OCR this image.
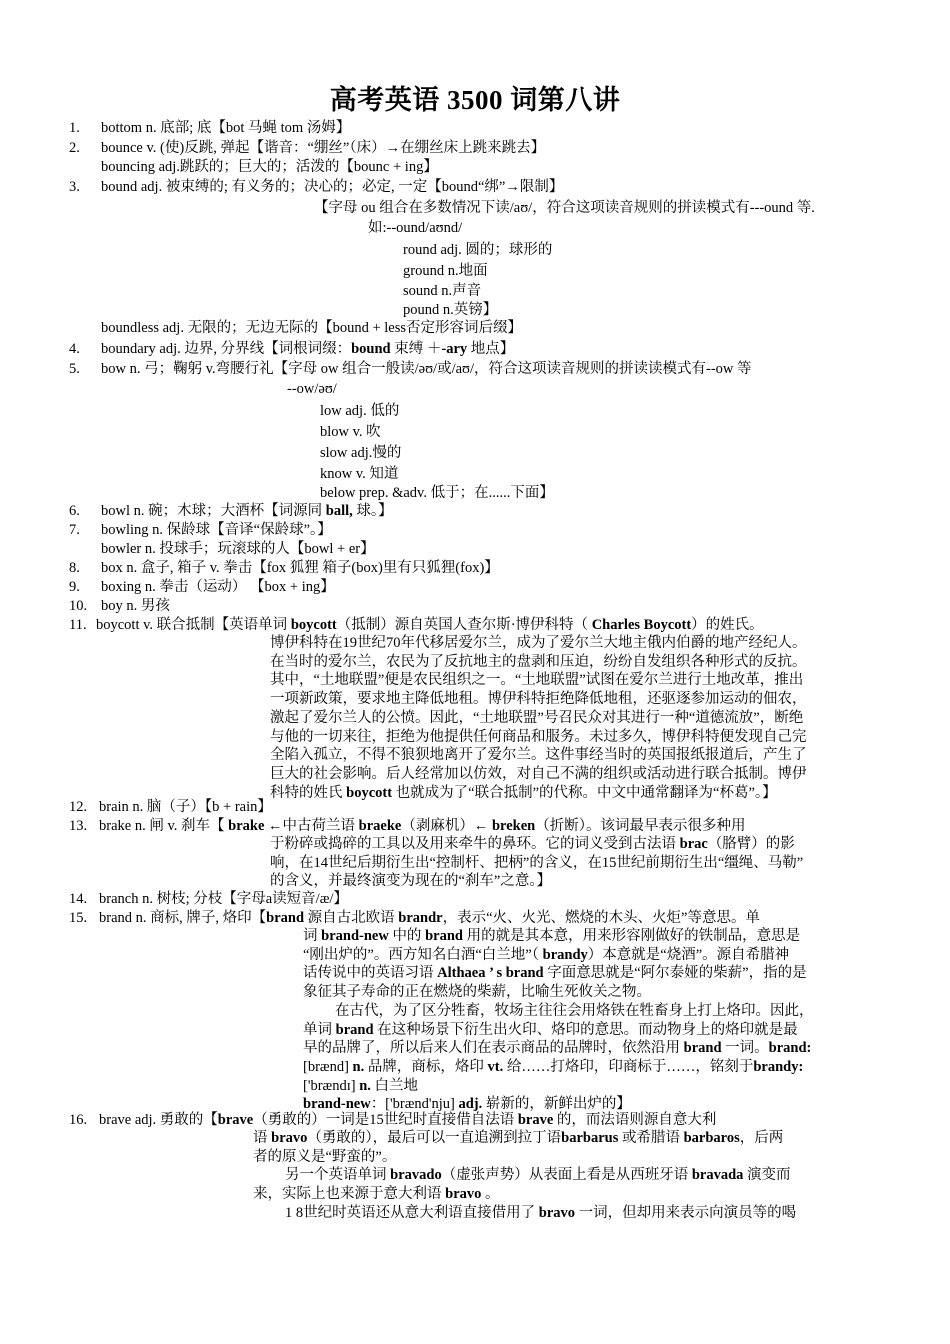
高考英语 3500 词第八讲
1. bottom n. 底部; 底【bot 马蝇 tom 汤姆】
2. bounce v. (使)反跳, 弹起【谐音：“绷丝”（床）→在绷丝床上跳来跳去】
bouncing adj.跳跃的；巨大的；活泼的【bounc + ing】
3. bound adj. 被束缚的; 有义务的；决心的；必定, 一定【bound“绑”→限制】
【字母 ou 组合在多数情况下读/aʊ/，符合这项读音规则的拼读模式有---ound 等.
如:--ound/aʊnd/
round adj. 圆的；球形的
ground n.地面
sound n.声音
pound n.英镑】
boundless adj. 无限的；无边无际的【bound + less否定形容词后缀】
4. boundary adj. 边界, 分界线【词根词缀：bound 束缚 ＋-ary 地点】
5. bow n. 弓；鞠躬 v.弯腰行礼【字母 ow 组合一般读/əʊ/或/aʊ/，符合这项读音规则的拼读读模式有--ow 等
--ow/əʊ/
low adj. 低的
blow v. 吹
slow adj.慢的
know v. 知道
below prep. &adv. 低于；在......下面】
6. bowl n. 碗；木球；大酒杯【词源同 ball, 球。】
7. bowling n. 保龄球【音译“保龄球”。】
bowler n. 投球手；玩滚球的人【bowl + er】
8. box n. 盒子, 箱子 v. 拳击【fox 狐狸 箱子(box)里有只狐狸(fox)】
9. boxing n. 拳击（运动） 【box + ing】
10. boy n. 男孩
11. boycott v. 联合抵制【英语单词 boycott（抵制）源自英国人查尔斯·博伊科特（ Charles Boycott）的姓氏。
博伊科特在19世纪70年代移居爱尔兰，成为了爱尔兰大地主俄内伯爵的地产经纪人。
在当时的爱尔兰，农民为了反抗地主的盘剥和压迫，纷纷自发组织各种形式的反抗。
其中，“土地联盟”便是农民组织之一。“土地联盟”试图在爱尔兰进行土地改革，推出
一项新政策，要求地主降低地租。博伊科特拒绝降低地租，还驱逐参加运动的佃农，
激起了爱尔兰人的公愤。因此，“土地联盟”号召民众对其进行一种“道德流放”，断绝
与他的一切来往，拒绝为他提供任何商品和服务。未过多久，博伊科特便发现自己完
全陷入孤立，不得不狼狈地离开了爱尔兰。这件事经当时的英国报纸报道后，产生了
巨大的社会影响。后人经常加以仿效，对自己不满的组织或活动进行联合抵制。博伊
科特的姓氏 boycott 也就成为了“联合抵制”的代称。中文中通常翻译为“杯葛”。】
12. brain n. 脑（子）【b + rain】
13. brake n. 闸 v. 刹车【 brake ←中古荷兰语 braeke（剥麻机）← breken（折断）。该词最早表示很多种用
于粉碎或捣碎的工具以及用来牵牛的鼻环。它的词义受到古法语 brac（胳臂）的影
响，在14世纪后期衍生出“控制杆、把柄”的含义，在15世纪前期衍生出“缰绳、马勒”
的含义，并最终演变为现在的“刹车”之意。】
14. branch n. 树枝; 分枝【字母a读短音/æ/】
15. brand n. 商标, 牌子, 烙印【brand 源自古北欧语 brandr，表示“火、火光、燃烧的木头、火炬”等意思。单
词 brand-new 中的 brand 用的就是其本意，用来形容刚做好的铁制品，意思是
“刚出炉的”。西方知名白酒“白兰地”（ brandy）本意就是“烧酒”。源自希腊神
话传说中的英语习语 Althaea ’ s brand 字面意思就是“阿尔泰娅的柴薪”，指的是
象征其子寿命的正在燃烧的柴薪，比喻生死攸关之物。
在古代，为了区分牲畜，牧场主往往会用烙铁在牲畜身上打上烙印。因此，
单词 brand 在这种场景下衍生出火印、烙印的意思。而动物身上的烙印就是最
早的品牌了，所以后来人们在表示商品的品牌时，依然沿用 brand 一词。brand:
[brænd] n. 品牌，商标，烙印 vt. 给……打烙印，印商标于……，铭刻于brandy:
['brændɪ] n. 白兰地
brand-new：['brænd'nju] adj. 崭新的，新鲜出炉的】
16. brave adj. 勇敢的【brave（勇敢的）一词是15世纪时直接借自法语 brave 的，而法语则源自意大利
语 bravo（勇敢的），最后可以一直追溯到拉丁语barbarus 或希腊语 barbaros，后两
者的原义是“野蛮的”。
另一个英语单词 bravado（虚张声势）从表面上看是从西班牙语 bravada 演变而
来，实际上也来源于意大利语 bravo 。
1 8世纪时英语还从意大利语直接借用了 bravo 一词，但却用来表示向演员等的喝
